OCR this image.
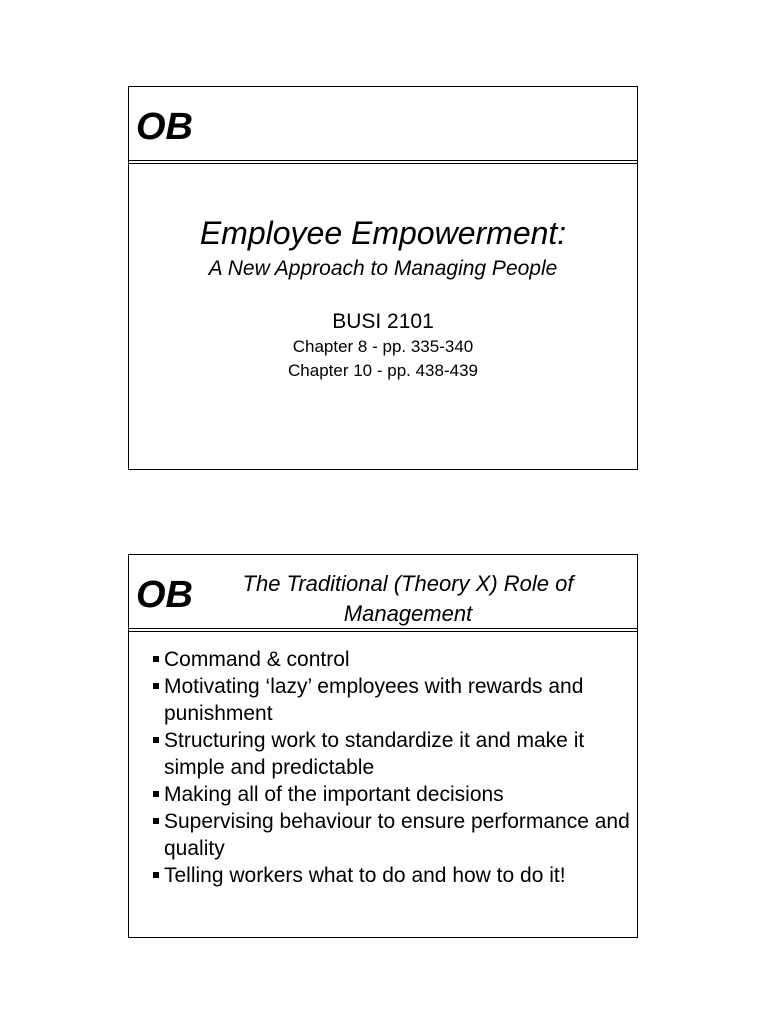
OB
Employee Empowerment:
A New Approach to Managing People
BUSI 2101
Chapter 8 - pp. 335-340
Chapter 10 - pp. 438-439
OB	The Traditional (Theory X) Role of
Management
Command & control
Motivating ‘lazy’ employees with rewards and punishment
Structuring work to standardize it and make it simple and predictable
Making all of the important decisions
Supervising behaviour to ensure performance and quality
Telling workers what to do and how to do it!
